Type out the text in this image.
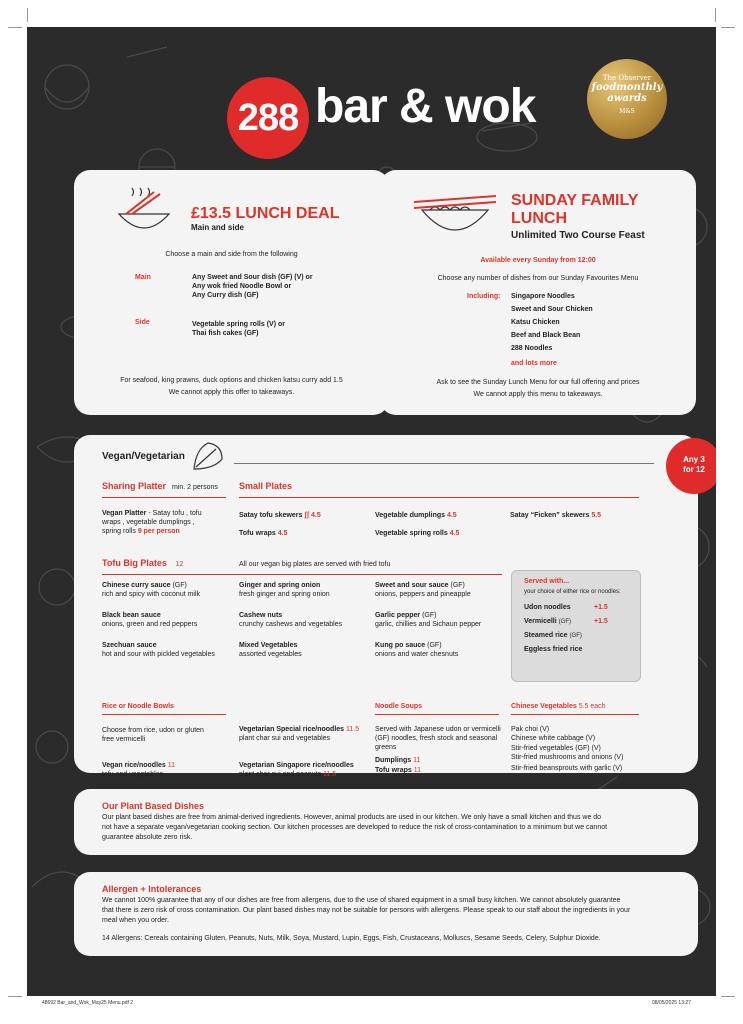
288 bar & wok
The Observer
foodmonthly awards
M&S
£13.5 LUNCH DEAL
Main and side
Choose a main and side from the following
Main	Any Sweet and Sour dish (GF) (V) or
Any wok fried Noodle Bowl or
Any Curry dish (GF)
Side	Vegetable spring rolls (V) or
Thai fish cakes (GF)
For seafood, king prawns, duck options and chicken katsu curry add 1.5
We cannot apply this offer to takeaways.
SUNDAY FAMILY
LUNCH
Unlimited Two Course Feast
Available every Sunday from 12:00
Choose any number of dishes from our Sunday Favourites Menu
Including: Singapore Noodles
Sweet and Sour Chicken
Katsu Chicken
Beef and Black Bean
288 Noodles
and lots more
Ask to see the Sunday Lunch Menu for our full offering and prices
We cannot apply this menu to takeaways.
Vegan/Vegetarian	Any 3
for 12
Sharing Platter min. 2 persons Small Plates
Vegan Platter - Satay tofu , tofu
wraps , vegetable dumplings ,
spring rolls 9 per person
Satay tofu skewers ʃʃ 4.5
Tofu wraps 4.5
Vegetable dumplings 4.5
Vegetable spring rolls 4.5
Satay “Ficken” skewers 5.5
Tofu Big Plates 12	All our vegan big plates are served with fried tofu
Chinese curry sauce (GF)
rich and spicy with coconut milk
Ginger and spring onion
fresh ginger and spring onion
Sweet and sour sauce (GF)
onions, peppers and pineapple
Black bean sauce
onions, green and red peppers
Cashew nuts
crunchy cashews and vegetables
Garlic pepper (GF)
garlic, chillies and Sichaun pepper
Szechuan sauce
hot and sour with pickled vegetables
Mixed Vegetables
assorted vegetables
Kung po sauce (GF)
onions and water chesnuts
Served with...
your choice of either rice or noodles:
Udon noodles	+1.5
Vermicelli (GF)	+1.5
Steamed rice (GF)
Eggless fried rice
Rice or Noodle Bowls
Choose from rice, udon or gluten
free vermicelli
Vegan rice/noodles 11
tofu and vegetables
Vegetarian Special rice/noodles 11.5
plant char sui and vegetables
Vegetarian Singapore rice/noodles
plant char sui and peanuts 11.5
Noodle Soups
Served with Japanese udon or vermicelli
(GF) noodles, fresh stock and seasonal
greens
Dumplings 11
Tofu wraps 11
Chinese Vegetables 5.5 each
Pak choi (V)
Chinese white cabbage (V)
Stir-fried vegetables (GF) (V)
Stir-fried mushrooms and onions (V)
Stir-fried beansprouts with garlic (V)
Our Plant Based Dishes
Our plant based dishes are free from animal-derived ingredients. However, animal products are used in our kitchen. We only have a small kitchen and thus we do
not have a separate vegan/vegetarian cooking section. Our kitchen processes are developed to reduce the risk of cross-contamination to a minimum but we cannot
guarantee absolute zero risk.
Allergen + Intolerances
We cannot 100% guarantee that any of our dishes are free from allergens, due to the use of shared equipment in a small busy kitchen. We cannot absolutely guarantee
that there is zero risk of cross contamination. Our plant based dishes may not be suitable for persons with allergens. Please speak to our staff about the ingredients in your
meal when you order.
14 Allergens: Cereals containing Gluten, Peanuts, Nuts, Milk, Soya, Mustard, Lupin, Eggs, Fish, Crustaceans, Molluscs, Sesame Seeds, Celery, Sulphur Dioxide.
48692 Bar_and_Wok_May25 Menu.pdf 2	08/05/2025 13:27
